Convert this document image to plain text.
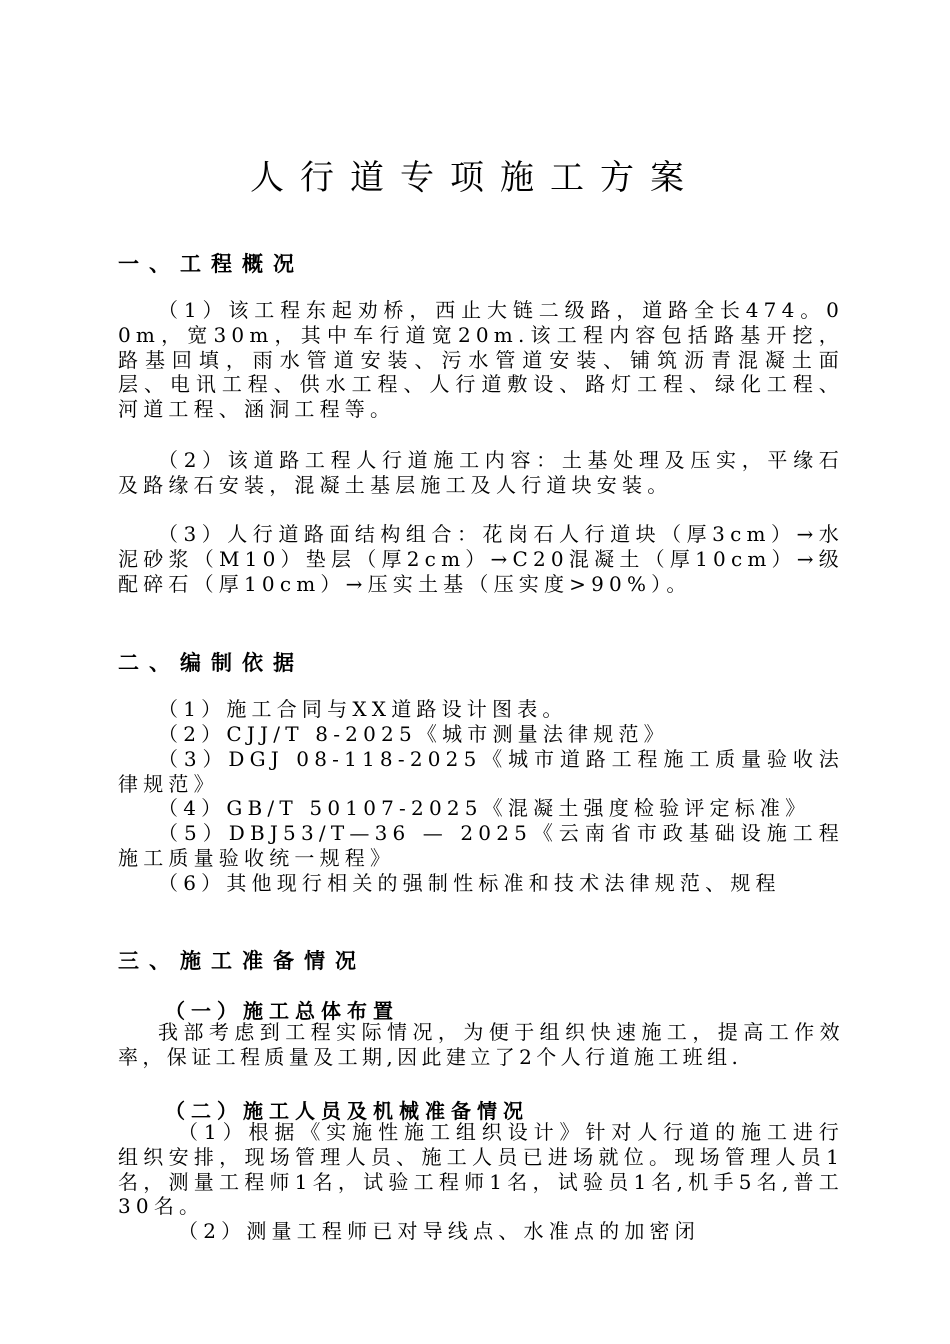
人行道专项施工方案
一、工程概况

（1）该工程东起劝桥，西止大链二级路，道路全长474。00m，宽30m，其中车行道宽20m.该工程内容包括路基开挖，路基回填，雨水管道安装、污水管道安装、铺筑沥青混凝土面层、电讯工程、供水工程、人行道敷设、路灯工程、绿化工程、河道工程、涵洞工程等。

（2）该道路工程人行道施工内容：土基处理及压实，平缘石及路缘石安装，混凝土基层施工及人行道块安装。

（3）人行道路面结构组合：花岗石人行道块（厚3cm）→水泥砂浆（M10）垫层（厚2cm）→C20混凝土（厚10cm）→级配碎石（厚10cm）→压实土基（压实度>90%）。

二、编制依据

（1）施工合同与XX道路设计图表。

（2）CJJ/T 8-2025《城市测量法律规范》

（3）DGJ 08-118-2025《城市道路工程施工质量验收法律规范》

（4）GB/T 50107-2025《混凝土强度检验评定标准》

（5）DBJ53/T—36 — 2025《云南省市政基础设施工程施工质量验收统一规程》

（6）其他现行相关的强制性标准和技术法律规范、规程

三、施工准备情况
（一）施工总体布置

我部考虑到工程实际情况，为便于组织快速施工，提高工作效率，保证工程质量及工期,因此建立了2个人行道施工班组.

（二）施工人员及机械准备情况

（1）根据《实施性施工组织设计》针对人行道的施工进行组织安排，现场管理人员、施工人员已进场就位。现场管理人员1名，测量工程师1名，试验工程师1名，试验员1名,机手5名,普工30名。

（2）测量工程师已对导线点、水准点的加密闭
